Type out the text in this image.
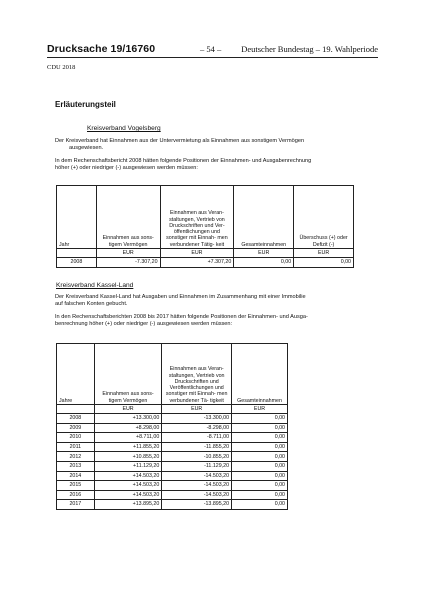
Drucksache 19/16760	– 54 – Deutscher Bundestag – 19. Wahlperiode
CDU 2018
Erläuterungsteil
Kreisverband Vogelsberg
Der Kreisverband hat Einnahmen aus der Untervermietung als Einnahmen aus sonstigem Vermögen
ausgewiesen.
In dem Rechenschaftsbericht 2008 hätten folgende Positionen der Einnahmen- und Ausgabenrechnung
höher (+) oder niedriger (-) ausgewiesen werden müssen:
Jahr	Einnahmen aus sons- tigem Vermögen	Einnahmen aus Veran- staltungen, Vertrieb von Druckschriften und Ver- öffentlichungen und sonstiger mit Einnah- men verbundener Tätig- keit	Gesamteinnahmen	Überschuss (+) oder Defizit (-)
	EUR	EUR	EUR	EUR
2008	-7.307,20	+7.307,20	0,00	0,00
Kreisverband Kassel-Land
Der Kreisverband Kassel-Land hat Ausgaben und Einnahmen im Zusammenhang mit einer Immobilie
auf falschen Konten gebucht.
In den Rechenschaftsberichten 2008 bis 2017 hätten folgende Positionen der Einnahmen- und Ausga-
benrechnung höher (+) oder niedriger (-) ausgewiesen werden müssen:
Jahre	Einnahmen aus sons- tigem Vermögen	Einnahmen aus Veran- staltungen, Vertrieb von Druckschriften und Veröffentlichungen und sonstiger mit Einnah- men verbundener Tä- tigkeit	Gesamteinnahmen
	EUR	EUR	EUR
2008	+13.300,00	-13.300,00	0,00
2009	+8.298,00	-8.298,00	0,00
2010	+8.711,00	-8.711,00	0,00
2011	+11.855,20	-11.855,20	0,00
2012	+10.855,20	-10.855,20	0,00
2013	+11.129,20	-11.129,20	0,00
2014	+14.503,20	-14.503,20	0,00
2015	+14.503,20	-14.503,20	0,00
2016	+14.503,20	-14.503,20	0,00
2017	+13.895,20	-13.895,20	0,00
